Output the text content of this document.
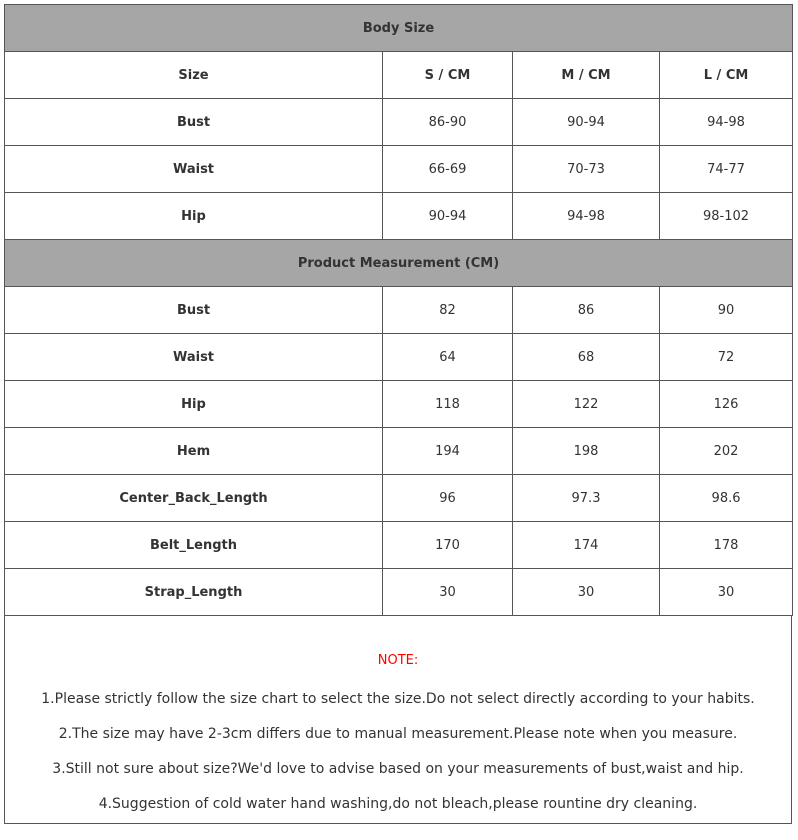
Body Size			
Size	S / CM	M / CM	L / CM
Bust	86-90	90-94	94-98
Waist	66-69	70-73	74-77
Hip	90-94	94-98	98-102
Product Measurement (CM)			
Bust	82	86	90
Waist	64	68	72
Hip	118	122	126
Hem	194	198	202
Center_Back_Length	96	97.3	98.6
Belt_Length	170	174	178
Strap_Length	30	30	30
NOTE:
1.Please strictly follow the size chart to select the size.Do not select directly according to your habits.
2.The size may have 2-3cm differs due to manual measurement.Please note when you measure.
3.Still not sure about size?We'd love to advise based on your measurements of bust,waist and hip.
4.Suggestion of cold water hand washing,do not bleach,please rountine dry cleaning.
